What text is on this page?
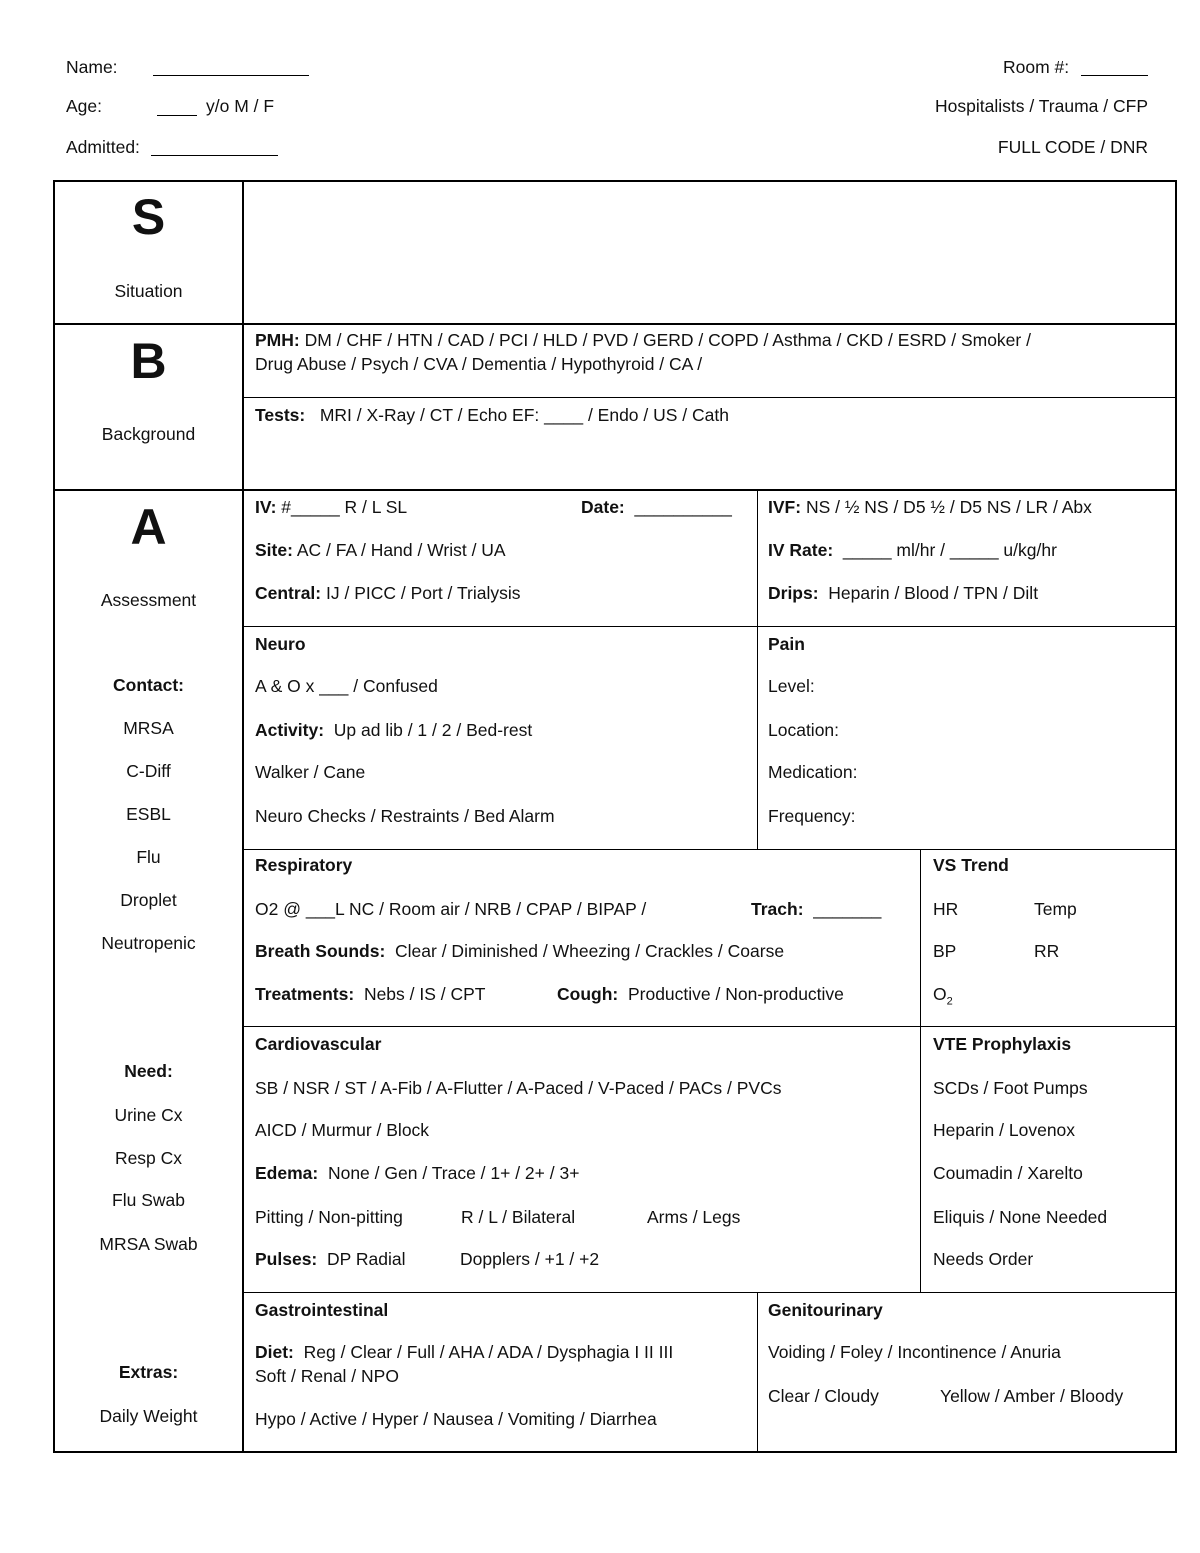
Name:
Age:	y/o M / F
Admitted:
Room #:
Hospitalists / Trauma / CFP
FULL CODE / DNR
S
Situation
B
Background
A
Assessment
Contact:
MRSA
C-Diff
ESBL
Flu
Droplet
Neutropenic
Need:
Urine Cx
Resp Cx
Flu Swab
MRSA Swab
Extras:
Daily Weight
PMH: DM / CHF / HTN / CAD / PCI / HLD / PVD / GERD / COPD / Asthma / CKD / ESRD / Smoker /
Drug Abuse / Psych / CVA / Dementia / Hypothyroid / CA /
Tests: MRI / X-Ray / CT / Echo EF: ____ / Endo / US / Cath
IV: #_____ R / L SL	Date: __________
Site: AC / FA / Hand / Wrist / UA
Central: IJ / PICC / Port / Trialysis
IVF: NS / ½ NS / D5 ½ / D5 NS / LR / Abx
IV Rate: _____ ml/hr / _____ u/kg/hr
Drips: Heparin / Blood / TPN / Dilt
Neuro
A & O x ___ / Confused
Activity: Up ad lib / 1 / 2 / Bed-rest
Walker / Cane
Neuro Checks / Restraints / Bed Alarm
Pain
Level:
Location:
Medication:
Frequency:
Respiratory
O2 @ ___L NC / Room air / NRB / CPAP / BIPAP /	Trach: _______
Breath Sounds: Clear / Diminished / Wheezing / Crackles / Coarse
Treatments: Nebs / IS / CPT	Cough: Productive / Non-productive
VS Trend
HR	Temp
BP	RR
$O_2$
Cardiovascular
SB / NSR / ST / A-Fib / A-Flutter / A-Paced / V-Paced / PACs / PVCs
AICD / Murmur / Block
Edema: None / Gen / Trace / 1+ / 2+ / 3+
Pitting / Non-pitting	R / L / Bilateral	Arms / Legs
Pulses: DP Radial	Dopplers / +1 / +2
VTE Prophylaxis
SCDs / Foot Pumps
Heparin / Lovenox
Coumadin / Xarelto
Eliquis / None Needed
Needs Order
Gastrointestinal
Diet: Reg / Clear / Full / AHA / ADA / Dysphagia I II III
Soft / Renal / NPO
Hypo / Active / Hyper / Nausea / Vomiting / Diarrhea
Genitourinary
Voiding / Foley / Incontinence / Anuria
Clear / Cloudy	Yellow / Amber / Bloody
